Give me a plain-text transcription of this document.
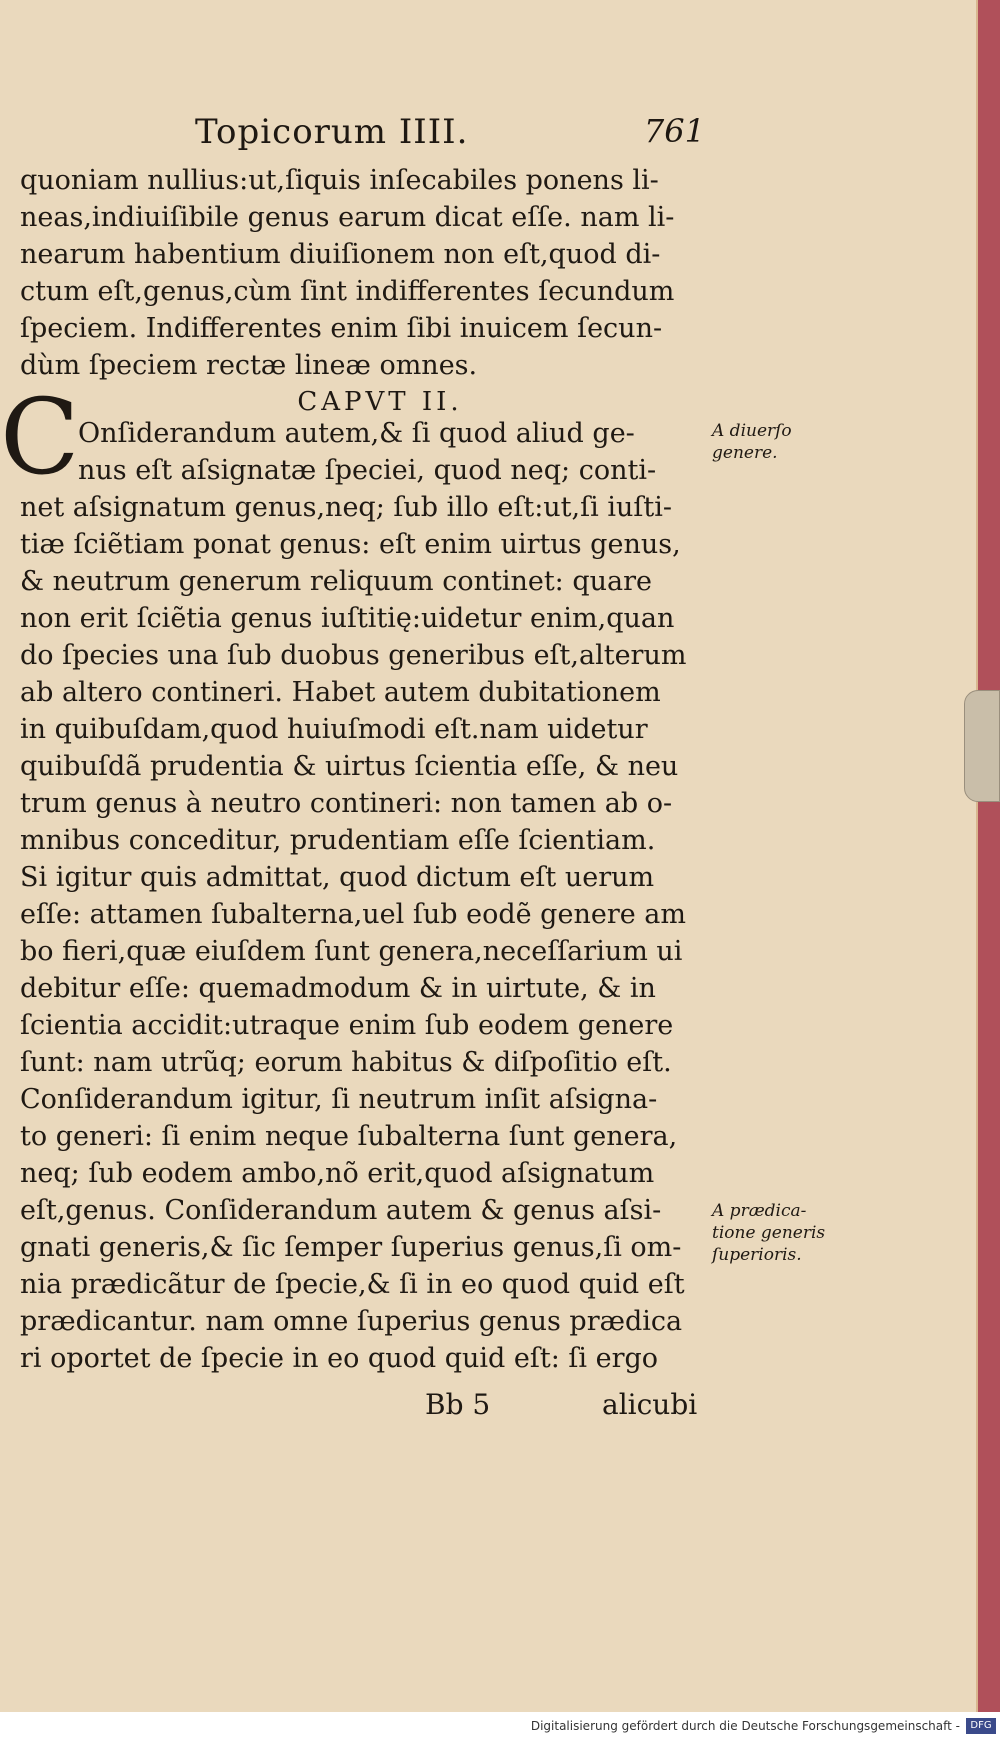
Topicorum IIII.	761
quoniam nullius:ut,ſiquis inſecabiles ponens li-
neas,indiuiſibile genus earum dicat eſſe. nam li-
nearum habentium diuiſionem non eſt,quod di-
ctum eſt,genus,cùm ſint indifferentes ſecundum
ſpeciem. Indifferentes enim ſibi inuicem ſecun-
dùm ſpeciem rectæ lineæ omnes.
CAPVT II.
C
Onſiderandum autem,& ſi quod aliud ge-
nus eſt aſsignatæ ſpeciei, quod neq; conti-
net aſsignatum genus,neq; ſub illo eſt:ut,ſi iuſti-
tiæ ſciẽtiam ponat genus: eſt enim uirtus genus,
& neutrum generum reliquum continet: quare
non erit ſciẽtia genus iuſtitię:uidetur enim,quan
do ſpecies una ſub duobus generibus eſt,alterum
ab altero contineri. Habet autem dubitationem
in quibuſdam,quod huiuſmodi eſt.nam uidetur
quibuſdã prudentia & uirtus ſcientia eſſe, & neu
trum genus à neutro contineri: non tamen ab o-
mnibus conceditur, prudentiam eſſe ſcientiam.
Si igitur quis admittat, quod dictum eſt uerum
eſſe: attamen ſubalterna,uel ſub eodẽ genere am
bo fieri,quæ eiuſdem ſunt genera,neceſſarium ui
debitur eſſe: quemadmodum & in uirtute, & in
ſcientia accidit:utraque enim ſub eodem genere
ſunt: nam utrũq; eorum habitus & diſpoſitio eſt.
Conſiderandum igitur, ſi neutrum inſit aſsigna-
to generi: ſi enim neque ſubalterna ſunt genera,
neq; ſub eodem ambo,nõ erit,quod aſsignatum
eſt,genus. Conſiderandum autem & genus aſsi-
gnati generis,& ſic ſemper ſuperius genus,ſi om-
nia prædicãtur de ſpecie,& ſi in eo quod quid eſt
prædicantur. nam omne ſuperius genus prædica
ri oportet de ſpecie in eo quod quid eſt: ſi ergo
A diuerſo
genere.
A prædica-
tione generis
ſuperioris.
Bb 5	alicubi
Digitalisierung gefördert durch die Deutsche Forschungsgemeinschaft -	DFG
